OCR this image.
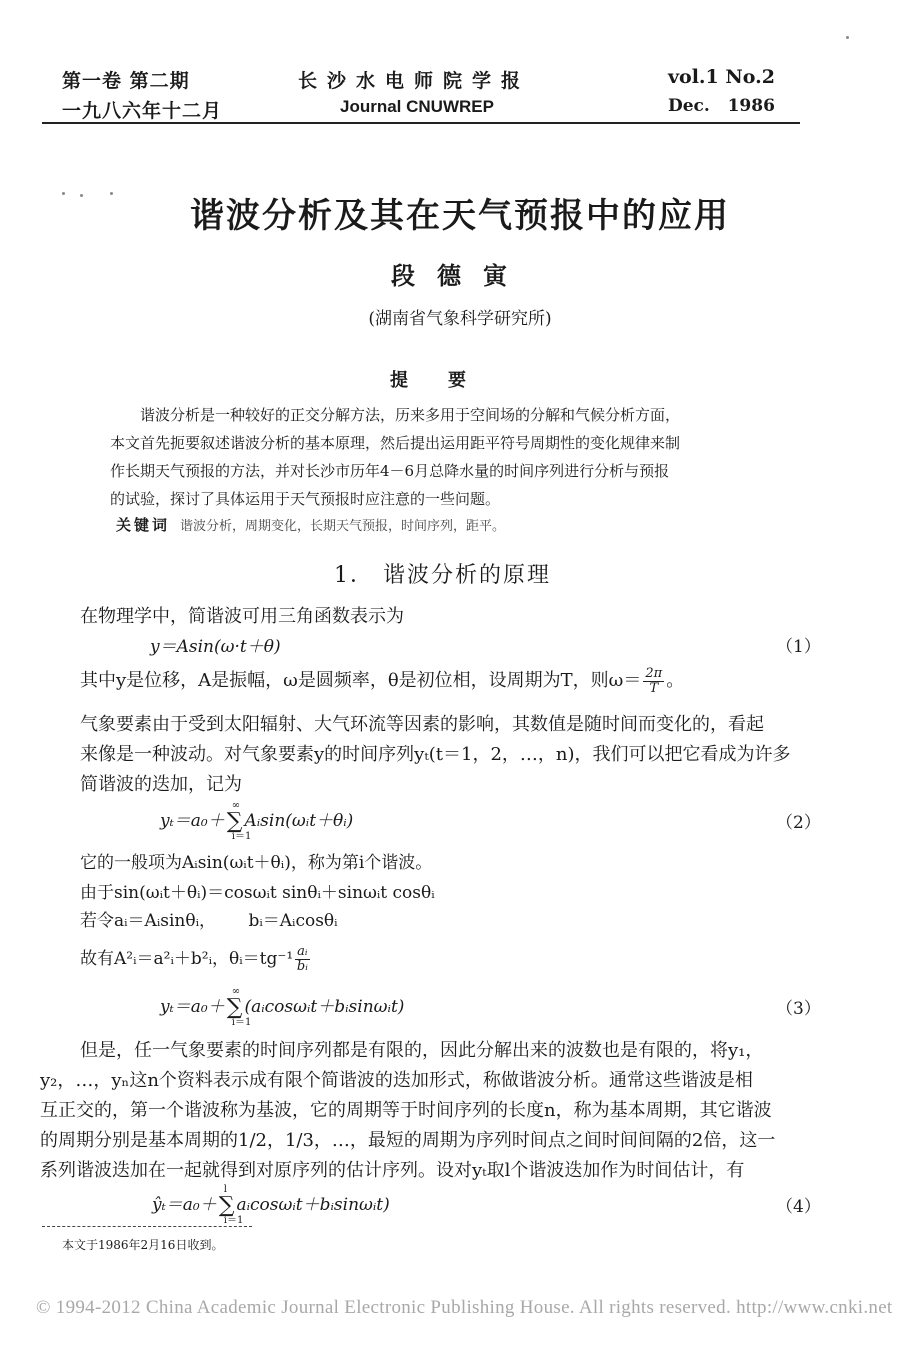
第一卷 第二期
一九八六年十二月
长沙水电师院学报
Journal CNUWREP
vol.1 No.2
Dec.   1986
谐波分析及其在天气预报中的应用
段德寅
(湖南省气象科学研究所)
提要

谐波分析是一种较好的正交分解方法，历来多用于空间场的分解和气候分析方面，

本文首先扼要叙述谐波分析的基本原理，然后提出运用距平符号周期性的变化规律来制

作长期天气预报的方法，并对长沙市历年4－6月总降水量的时间序列进行分析与预报

的试验，探讨了具体运用于天气预报时应注意的一些问题。

关键词 谐波分析，周期变化，长期天气预报，时间序列，距平。

1． 谐波分析的原理

在物理学中，简谐波可用三角函数表示为

y＝Asin(ω·t＋θ)	（1）

其中y是位移，A是振幅，ω是圆频率，θ是初位相，设周期为T，则$\omega= \frac{2\pi}{T}$ 。

气象要素由于受到太阳辐射、大气环流等因素的影响，其数值是随时间而变化的，看起

来像是一种波动。对气象要素y的时间序列yₜ(t＝1，2，…，n)，我们可以把它看成为许多

简谐波的迭加，记为

yₜ＝a₀＋∑
∞
i＝1
Aᵢsin(ωᵢt＋θᵢ)	（2）

它的一般项为Aᵢsin(ωᵢt＋θᵢ)，称为第i个谐波。

由于sin(ωᵢt＋θᵢ)＝cosωᵢt sinθᵢ＋sinωᵢt cosθᵢ

若令aᵢ＝Aᵢsinθᵢ，      bᵢ＝Aᵢcosθᵢ

故有A²ᵢ＝a²ᵢ＋b²ᵢ，θᵢ＝tg⁻¹ $\frac{\text{aᵢ}}{\text{bᵢ}}$

yₜ＝a₀＋∑
∞
i＝1
(aᵢcosωᵢt＋bᵢsinωᵢt)	（3）

但是，任一气象要素的时间序列都是有限的，因此分解出来的波数也是有限的，将y₁，

y₂，…，yₙ这n个资料表示成有限个简谐波的迭加形式，称做谐波分析。通常这些谐波是相

互正交的，第一个谐波称为基波，它的周期等于时间序列的长度n，称为基本周期，其它谐波

的周期分别是基本周期的1/2，1/3，…，最短的周期为序列时间点之间时间间隔的2倍，这一

系列谐波迭加在一起就得到对原序列的估计序列。设对yₜ取l个谐波迭加作为时间估计，有

ŷₜ＝a₀＋∑
l
i＝1
aᵢcosωᵢt＋bᵢsinωᵢt)	（4）
本文于1986年2月16日收到。
© 1994-2012 China Academic Journal Electronic Publishing House. All rights reserved. http://www.cnki.net
